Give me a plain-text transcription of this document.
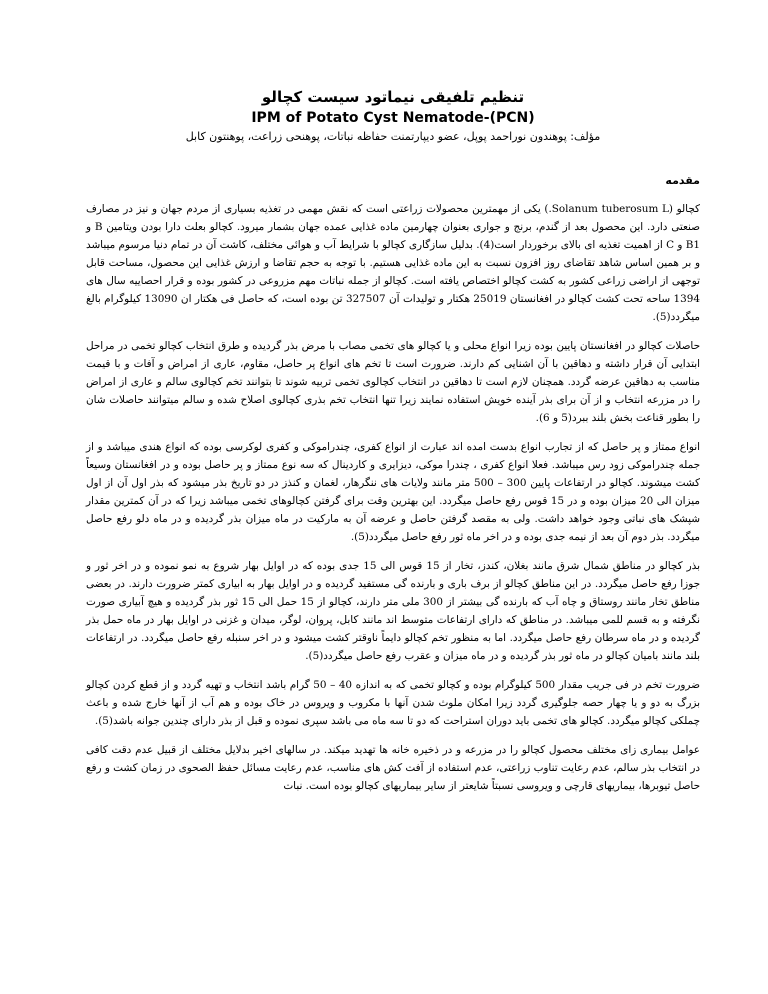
تنظیم تلفیقی نیماتود سیست کچالو
IPM of Potato Cyst Nematode-(PCN)

مؤلف: پوهندون نوراحمد پوپل، عضو دیپارتمنت حفاظه نباتات، پوهنحی زراعت، پوهنتون کابل

مقدمه

کچالو (Solanum tuberosum L.) یکی از مهمترین محصولات زراعتی است که نقش مهمی در تغذیه بسیاری از مردم جهان و نیز در مصارف صنعتی دارد. این محصول بعد از گندم، برنج و جواری بعنوان چهارمین ماده غذایی عمده جهان بشمار میرود. کچالو بعلت دارا بودن ویتامین B و B1 و C از اهمیت تغذیه ای بالای برخوردار است(4). بدلیل سازگاری کچالو با شرایط آب و هوائی مختلف، کاشت آن در تمام دنیا مرسوم میباشد و بر همین اساس شاهد تقاضای روز افزون نسبت به این ماده غذایی هستیم. با توجه به حجم تقاضا و ارزش غذایی این محصول، مساحت قابل توجهی از اراضی زراعی کشور به کشت کچالو اختصاص یافته است. کچالو از جمله نباتات مهم مزروعی در کشور بوده و قرار احصاییه سال های 1394 ساحه تحت کشت کچالو در افغانستان 25019 هکتار و تولیدات آن 327507 تن بوده است، که حاصل فی هکتار ان 13090 کیلوگرام بالغ میگردد(5).

حاصلات کچالو در افغانستان پایین بوده زیرا انواع محلی و یا کچالو های تخمی مصاب با مرض بذر گردیده و طرق انتخاب کچالو تخمی در مراحل ابتدایی آن قرار داشته و دهاقین با آن اشنایی کم دارند. ضرورت است تا تخم های انواع پر حاصل، مقاوم، عاری از امراض و آفات و با قیمت مناسب به دهاقین عرضه گردد. همچنان لازم است تا دهاقین در انتخاب کچالوی تخمی تربیه شوند تا بتوانند تخم کچالوی سالم و عاری از امراض را در مزرعه انتخاب و از آن برای بذر آینده خویش استفاده نمایند زیرا تنها انتخاب تخم بذری کچالوی اصلاح شده و سالم میتوانند حاصلات شان را بطور قناعت بخش بلند ببرد(5 و 6).

انواع ممتاز و پر حاصل که از تجارب انواع بدست امده اند عبارت از انواع کفری، چندراموکی و کفری لوکرسی بوده که انواع هندی میباشد و از جمله چندراموکی زود رس میباشد. فعلا انواع کفری ، چندرا موکی، دیزایری و کاردینال که سه نوع ممتاز و پر حاصل بوده و در افغانستان وسیعاً کشت میشوند. کچالو در ارتفاعات پایین 300 – 500 متر مانند ولایات های ننگرهار، لغمان و کنذز در دو تاریخ بذر میشود که بذر اول آن از اول میزان الی 20 میزان بوده و در 15 قوس رفع حاصل میگردد. این بهترین وقت برای گرفتن کچالوهای تخمی میباشد زیرا که در آن کمترین مقدار شپشک های نباتی وجود خواهد داشت. ولی به مقصد گرفتن حاصل و عرضه آن به مارکیت در ماه میزان بذر گردیده و در ماه دلو رفع حاصل میگردد. بذر دوم آن بعد از نیمه جدی بوده و در اخر ماه ثور رفع حاصل میگردد(5).

بذر کچالو در مناطق شمال شرق مانند بغلان، کندز، تخار از 15 قوس الی 15 جدی بوده که در اوایل بهار شروع به نمو نموده و در اخر ثور و جوزا رفع حاصل میگردد. در این مناطق کچالو از برف باری و بارنده گی مستفید گردیده و در اوایل بهار به ابیاری کمتر ضرورت دارند. در بعضی مناطق تخار مانند روستاق و چاه آب که بارنده گی بیشتر از 300 ملی متر دارند، کچالو از 15 حمل الی 15 ثور بذر گردیده و هیچ آبیاری صورت نگرفته و به قسم للمی میباشد. در مناطق که دارای ارتفاعات متوسط اند مانند کابل، پروان، لوگر، میدان و غزنی در اوایل بهار در ماه حمل بذر گردیده و در ماه سرطان رفع حاصل میگردد. اما به منظور تخم کچالو دایماً ناوقتر کشت میشود و در اخر سنبله رفع حاصل میگردد. در ارتفاعات بلند مانند بامیان کچالو در ماه ثور بذر گردیده و در ماه میزان و عقرب رفع حاصل میگردد(5).

ضرورت تخم در فی جریب مقدار 500 کیلوگرام بوده و کچالو تخمی که به اندازه 40 – 50 گرام باشد انتخاب و تهیه گردد و از قطع کردن کچالو بزرگ به دو و یا چهار حصه جلوگیری گردد زیرا امکان ملوث شدن آنها با مکروب و ویروس در خاک بوده و هم آب از آنها خارج شده و باعث چملکی کچالو میگردد. کچالو های تخمی باید دوران استراحت که دو تا سه ماه می باشد سپری نموده و قبل از بذر دارای چندین جوانه باشد(5).

عوامل بیماری زای مختلف محصول کچالو را در مزرعه و در ذخیره خانه ها تهدید میکند. در سالهای اخیر بدلایل مختلف از قبیل عدم دقت کافی در انتخاب بذر سالم، عدم رعایت تناوب زراعتی، عدم استفاده از آفت کش های مناسب، عدم رعایت مسائل حفظ الصحوی در زمان کشت و رفع حاصل تیوبرها، بیماریهای قارچی و ویروسی نسبتاً شایعتر از سایر بیماریهای کچالو بوده است. نبات
